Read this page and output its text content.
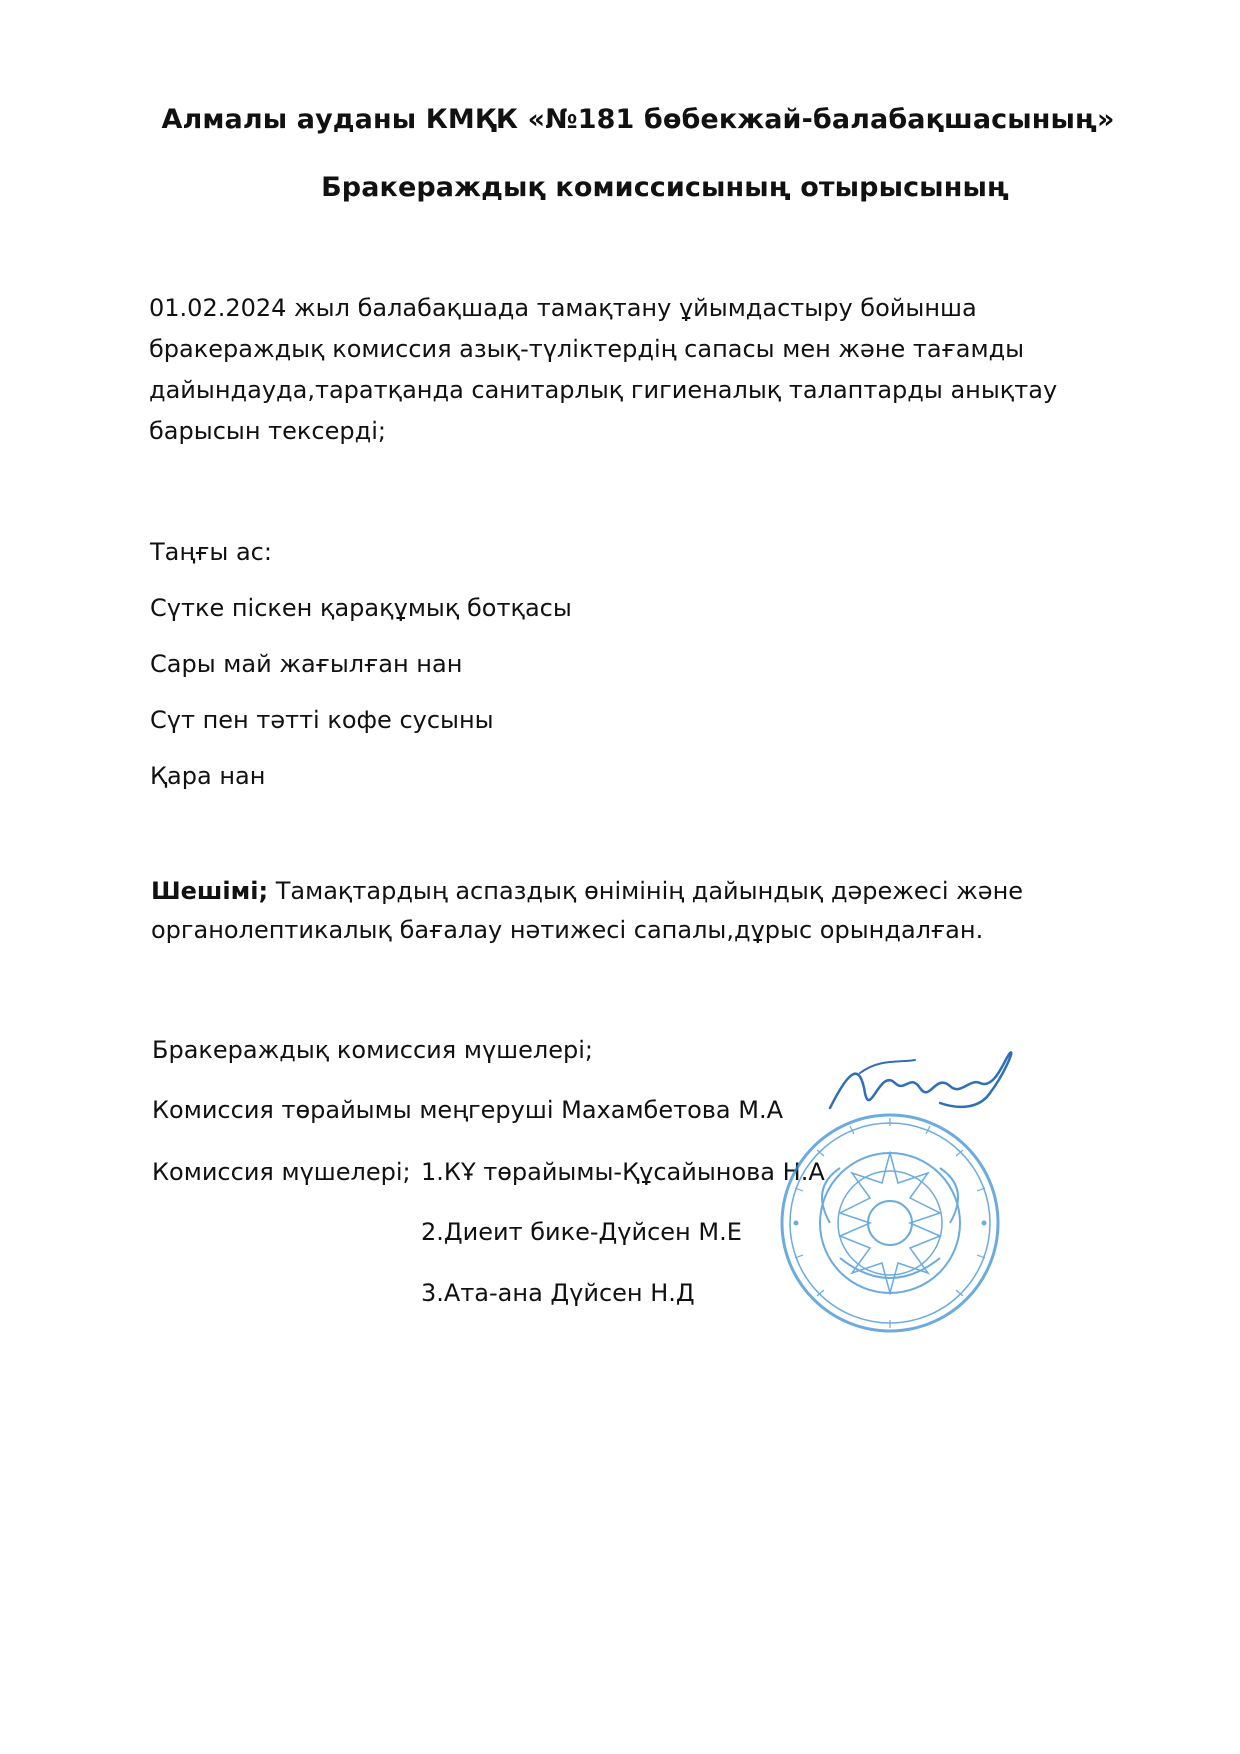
Алмалы ауданы КМҚК «№181 бөбекжай-балабақшасының»
Бракераждық комиссисының отырысының
01.02.2024 жыл балабақшада тамақтану ұйымдастыру бойынша бракераждық комиссия азық-түліктердің сапасы мен және тағамды дайындауда,таратқанда санитарлық гигиеналық талаптарды анықтау барысын тексерді;
Таңғы ас:
Сүтке піскен қарақұмық ботқасы
Сары май жағылған нан
Сүт пен тәтті кофе сусыны
Қара нан
Шешімі; Тамақтардың аспаздық өнімінің дайындық дәрежесі және органолептикалық бағалау нәтижесі сапалы,дұрыс орындалған.
Бракераждық комиссия мүшелері;
Комиссия төрайымы меңгеруші Махамбетова М.А
Комиссия мүшелері; 1.КҰ төрайымы-Құсайынова Н.А
2.Диеит бике-Дүйсен М.Е
3.Ата-ана Дүйсен Н.Д
